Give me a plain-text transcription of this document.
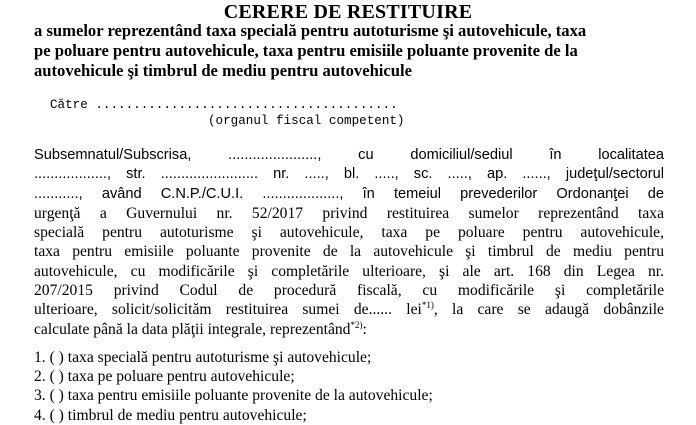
CERERE DE RESTITUIRE
a sumelor reprezentând taxa specială pentru autoturisme şi autovehicule, taxa
pe poluare pentru autovehicule, taxa pentru emisiile poluante provenite de la
autovehicule şi timbrul de mediu pentru autovehicule
Către ........................................
(organul fiscal competent)
Subsemnatul/Subscrisa, ......................, cu domiciliul/sediul în localitatea
.................., str. ........................ nr. ....., bl. ....., sc. ....., ap. ......, judeţul/sectorul
..........., având C.N.P./C.U.I. ..................., în temeiul prevederilor Ordonanţei de
urgenţă a Guvernului nr. 52/2017 privind restituirea sumelor reprezentând taxa
specială pentru autoturisme şi autovehicule, taxa pe poluare pentru autovehicule,
taxa pentru emisiile poluante provenite de la autovehicule şi timbrul de mediu pentru
autovehicule, cu modificările şi completările ulterioare, şi ale art. 168 din Legea nr.
207/2015 privind Codul de procedură fiscală, cu modificările şi completările
ulterioare, solicit/solicităm restituirea sumei de...... lei$^{*1)}$, la care se adaugă dobânzile
calculate până la data plăţii integrale, reprezentând$^{*2)}$:
1. ( ) taxa specială pentru autoturisme şi autovehicule;
2. ( ) taxa pe poluare pentru autovehicule;
3. ( ) taxa pentru emisiile poluante provenite de la autovehicule;
4. ( ) timbrul de mediu pentru autovehicule;
